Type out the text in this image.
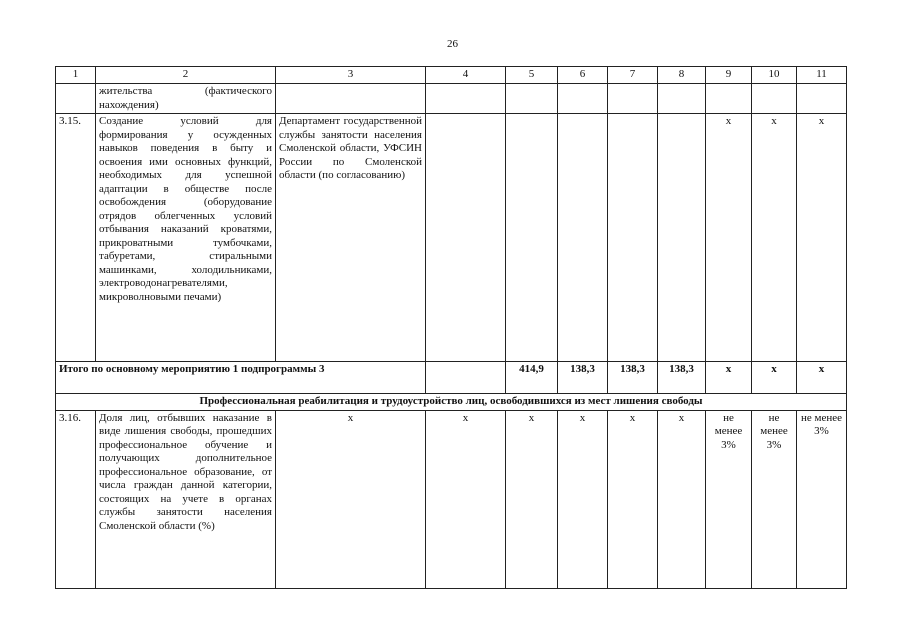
26
1	2	3	4	5	6	7	8	9	10	11

	жительства (фактического
нахождения)									

3.15.	Создание условий для формирования у осужденных навыков поведения в быту и освоения ими основных функций, необходимых для успешной адаптации в обществе после освобождения (оборудование отрядов облегченных условий отбывания наказаний кроватями, прикроватными тумбочками, табуретами, стиральными машинками, холодильниками, электроводонагревателями, микроволновыми печами)	Департамент государственной службы занятости населения Смоленской области, УФСИН России по Смоленской области (по согласованию)						х	х	х
Итого по основному мероприятию 1 подпрограммы 3				414,9	138,3	138,3	138,3	х	х	х
Профессиональная реабилитация и трудоустройство лиц, освободившихся из мест лишения свободы										
3.16.	Доля лиц, отбывших наказание в виде лишения свободы, прошедших профессиональное обучение и получающих дополнительное профессиональное образование, от числа граждан данной категории, состоящих на учете в органах службы занятости населения Смоленской области (%)	х	х	х	х	х	х	не менее 3%	не менее 3%	не менее 3%
